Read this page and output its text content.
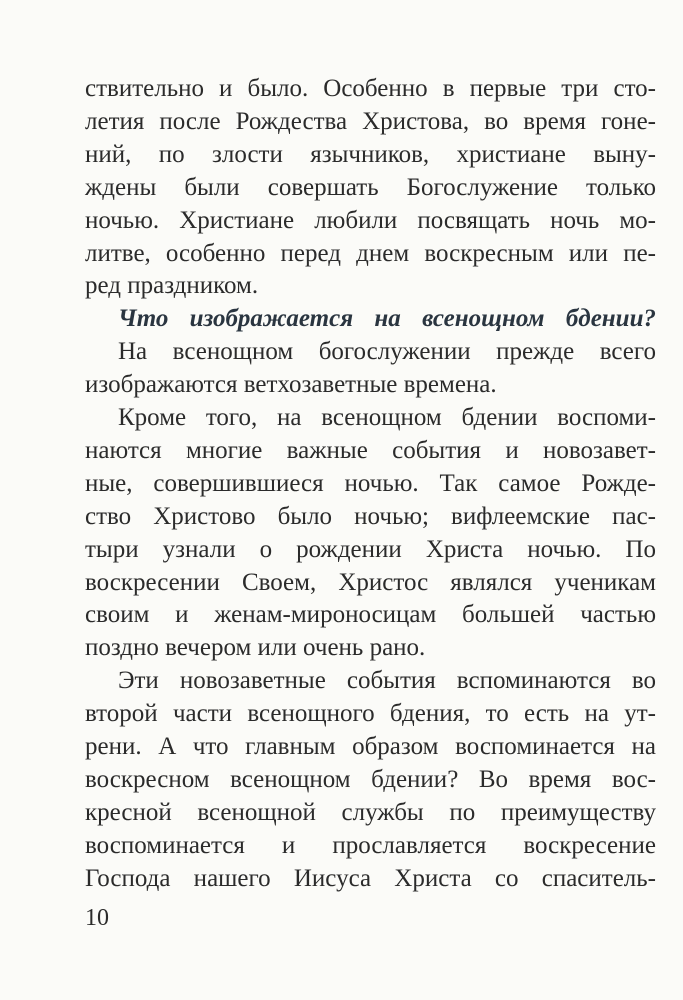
ствительно и было. Особенно в первые три сто-
летия после Рождества Христова, во время гоне-
ний, по злости язычников, христиане выну-
ждены были совершать Богослужение только
ночью. Христиане любили посвящать ночь мо-
литве, особенно перед днем воскресным или пе-
ред праздником.
Что изображается на всенощном бдении?
На всенощном богослужении прежде всего
изображаются ветхозаветные времена.
Кроме того, на всенощном бдении воспоми-
наются многие важные события и новозавет-
ные, совершившиеся ночью. Так самое Рожде-
ство Христово было ночью; вифлеемские пас-
тыри узнали о рождении Христа ночью. По
воскресении Своем, Христос являлся ученикам
своим и женам-мироносицам большей частью
поздно вечером или очень рано.
Эти новозаветные события вспоминаются во
второй части всенощного бдения, то есть на ут-
рени. А что главным образом воспоминается на
воскресном всенощном бдении? Во время вос-
кресной всенощной службы по преимуществу
воспоминается и прославляется воскресение
Господа нашего Иисуса Христа со спаситель-
10
